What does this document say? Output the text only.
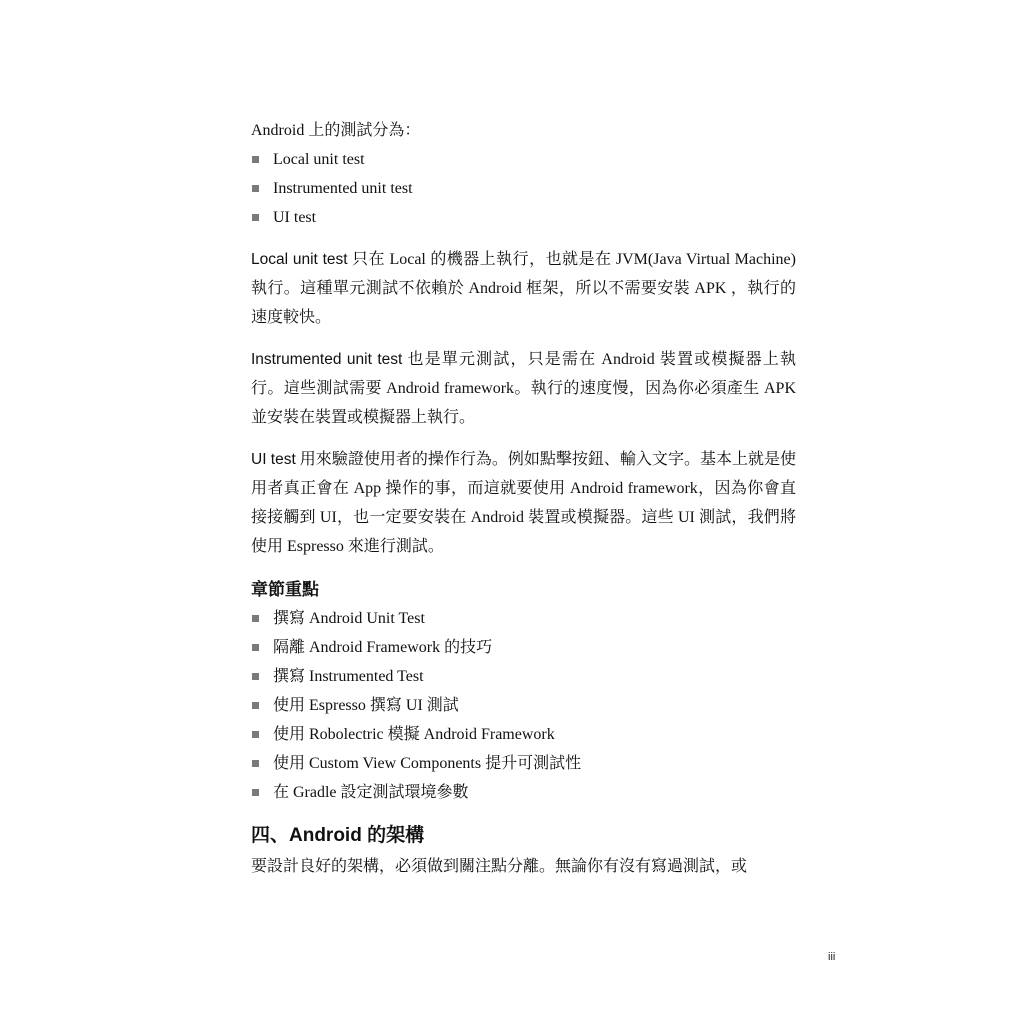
Android 上的測試分為：

Local unit test
Instrumented unit test
UI test

Local unit test 只在 Local 的機器上執行，也就是在 JVM(Java Virtual Machine) 執行。這種單元測試不依賴於 Android 框架，所以不需要安裝 APK ，執行的速度較快。

Instrumented unit test 也是單元測試，只是需在 Android 裝置或模擬器上執行。這些測試需要 Android framework。執行的速度慢，因為你必須產生 APK 並安裝在裝置或模擬器上執行。

UI test 用來驗證使用者的操作行為。例如點擊按鈕、輸入文字。基本上就是使用者真正會在 App 操作的事，而這就要使用 Android framework，因為你會直接接觸到 UI，也一定要安裝在 Android 裝置或模擬器。這些 UI 測試，我們將使用 Espresso 來進行測試。

章節重點
撰寫 Android Unit Test
隔離 Android Framework 的技巧
撰寫 Instrumented Test
使用 Espresso 撰寫 UI 測試
使用 Robolectric 模擬 Android Framework
使用 Custom View Components 提升可測試性
在 Gradle 設定測試環境參數
四、Android 的架構

要設計良好的架構，必須做到關注點分離。無論你有沒有寫過測試，或

iii
